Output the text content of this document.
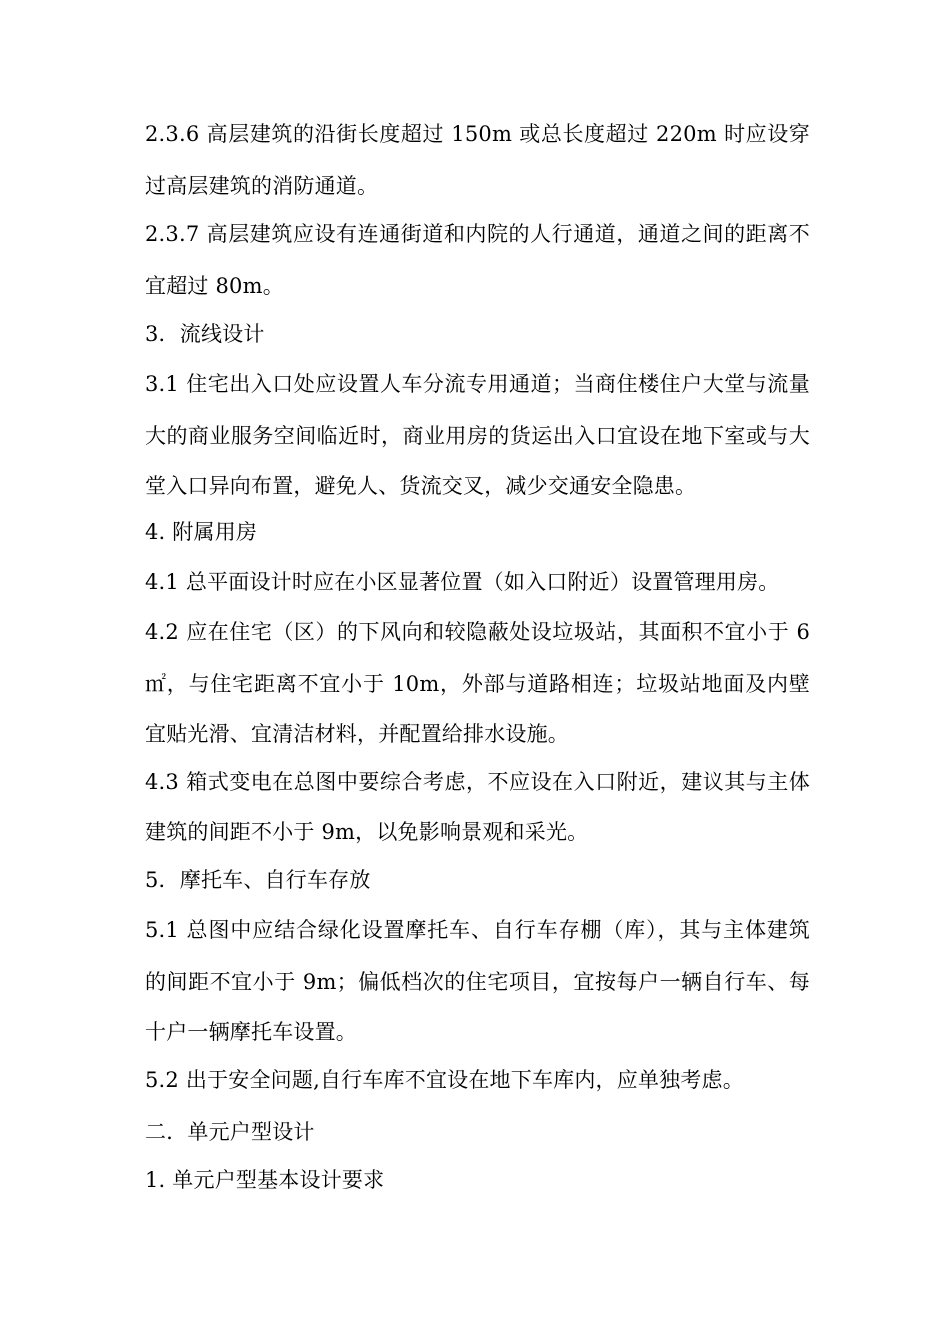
2.3.6 高层建筑的沿街长度超过 150m 或总长度超过 220m 时应设穿
过高层建筑的消防通道。
2.3.7 高层建筑应设有连通街道和内院的人行通道，通道之间的距离不
宜超过 80m。
3．流线设计
3.1 住宅出入口处应设置人车分流专用通道；当商住楼住户大堂与流量
大的商业服务空间临近时，商业用房的货运出入口宜设在地下室或与大
堂入口异向布置，避免人、货流交叉，减少交通安全隐患。
4. 附属用房
4.1 总平面设计时应在小区显著位置（如入口附近）设置管理用房。
4.2 应在住宅（区）的下风向和较隐蔽处设垃圾站，其面积不宜小于 6
㎡，与住宅距离不宜小于 10m，外部与道路相连；垃圾站地面及内壁
宜贴光滑、宜清洁材料，并配置给排水设施。
4.3 箱式变电在总图中要综合考虑，不应设在入口附近，建议其与主体
建筑的间距不小于 9m，以免影响景观和采光。
5．摩托车、自行车存放
5.1 总图中应结合绿化设置摩托车、自行车存棚（库），其与主体建筑
的间距不宜小于 9m；偏低档次的住宅项目，宜按每户一辆自行车、每
十户一辆摩托车设置。
5.2 出于安全问题,自行车库不宜设在地下车库内，应单独考虑。
二．单元户型设计
1. 单元户型基本设计要求
